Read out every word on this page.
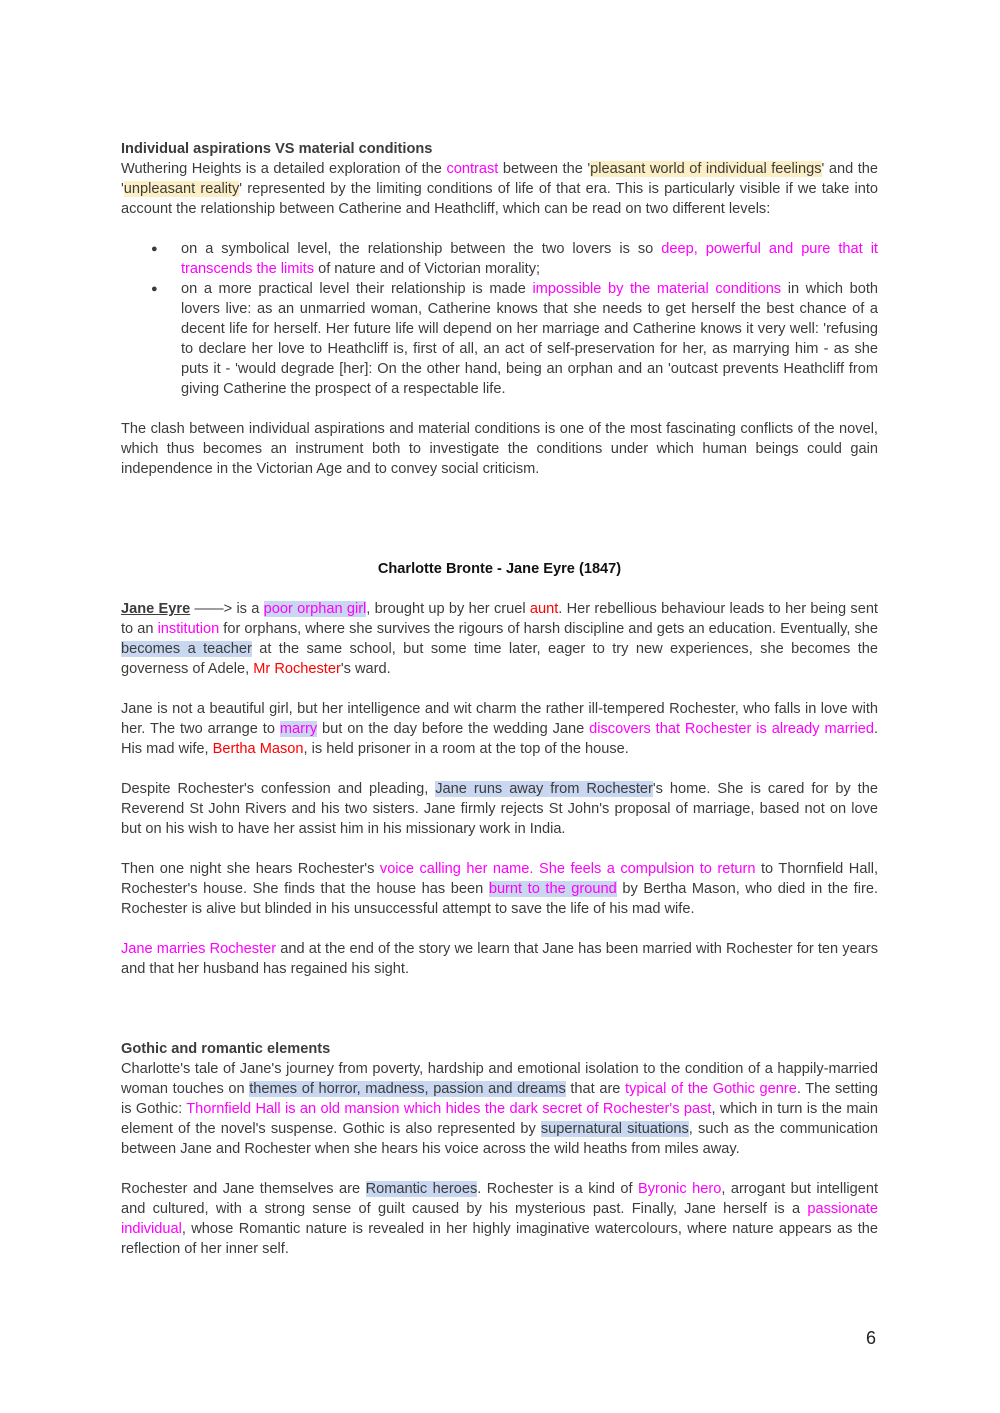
Individual aspirations VS material conditions

Wuthering Heights is a detailed exploration of the contrast between the 'pleasant world of individual feelings' and the 'unpleasant reality' represented by the limiting conditions of life of that era. This is particularly visible if we take into account the relationship between Catherine and Heathcliff, which can be read on two different levels:

● on a symbolical level, the relationship between the two lovers is so deep, powerful and pure that it transcends the limits of nature and of Victorian morality;
● on a more practical level their relationship is made impossible by the material conditions in which both lovers live: as an unmarried woman, Catherine knows that she needs to get herself the best chance of a decent life for herself. Her future life will depend on her marriage and Catherine knows it very well: 'refusing to declare her love to Heathcliff is, first of all, an act of self-preservation for her, as marrying him - as she puts it - 'would degrade [her]: On the other hand, being an orphan and an 'outcast prevents Heathcliff from giving Catherine the prospect of a respectable life.

The clash between individual aspirations and material conditions is one of the most fascinating conflicts of the novel, which thus becomes an instrument both to investigate the conditions under which human beings could gain independence in the Victorian Age and to convey social criticism.

Charlotte Bronte - Jane Eyre (1847)

Jane Eyre ——> is a poor orphan girl, brought up by her cruel aunt. Her rebellious behaviour leads to her being sent to an institution for orphans, where she survives the rigours of harsh discipline and gets an education. Eventually, she becomes a teacher at the same school, but some time later, eager to try new experiences, she becomes the governess of Adele, Mr Rochester's ward.

Jane is not a beautiful girl, but her intelligence and wit charm the rather ill-tempered Rochester, who falls in love with her. The two arrange to marry but on the day before the wedding Jane discovers that Rochester is already married. His mad wife, Bertha Mason, is held prisoner in a room at the top of the house.

Despite Rochester's confession and pleading, Jane runs away from Rochester's home. She is cared for by the Reverend St John Rivers and his two sisters. Jane firmly rejects St John's proposal of marriage, based not on love but on his wish to have her assist him in his missionary work in India.

Then one night she hears Rochester's voice calling her name. She feels a compulsion to return to Thornfield Hall, Rochester's house. She finds that the house has been burnt to the ground by Bertha Mason, who died in the fire. Rochester is alive but blinded in his unsuccessful attempt to save the life of his mad wife.

Jane marries Rochester and at the end of the story we learn that Jane has been married with Rochester for ten years and that her husband has regained his sight.

Gothic and romantic elements

Charlotte's tale of Jane's journey from poverty, hardship and emotional isolation to the condition of a happily-married woman touches on themes of horror, madness, passion and dreams that are typical of the Gothic genre. The setting is Gothic: Thornfield Hall is an old mansion which hides the dark secret of Rochester's past, which in turn is the main element of the novel's suspense. Gothic is also represented by supernatural situations, such as the communication between Jane and Rochester when she hears his voice across the wild heaths from miles away.

Rochester and Jane themselves are Romantic heroes. Rochester is a kind of Byronic hero, arrogant but intelligent and cultured, with a strong sense of guilt caused by his mysterious past. Finally, Jane herself is a passionate individual, whose Romantic nature is revealed in her highly imaginative watercolours, where nature appears as the reflection of her inner self.

6
